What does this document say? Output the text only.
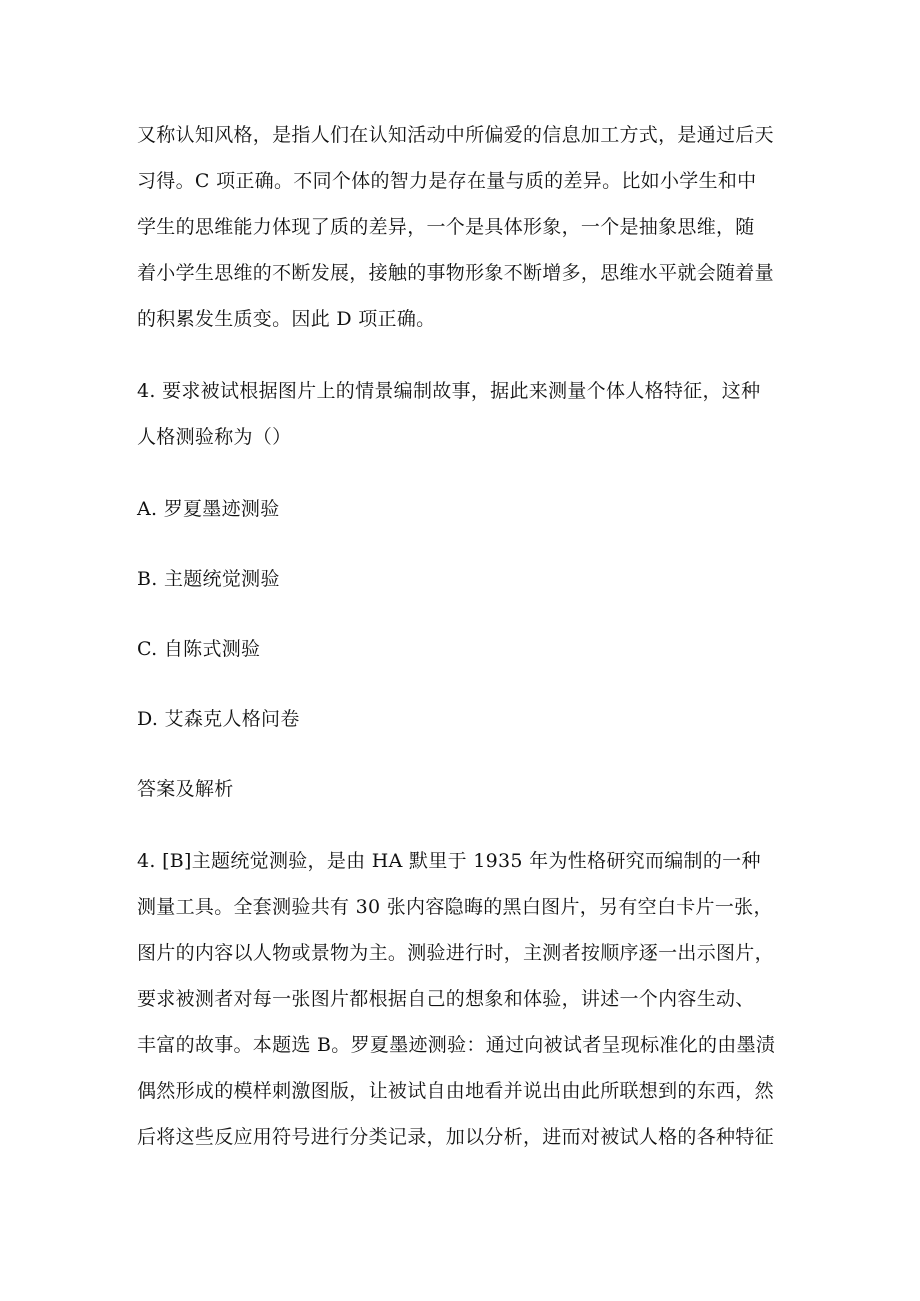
又称认知风格，是指人们在认知活动中所偏爱的信息加工方式，是通过后天
习得。C 项正确。不同个体的智力是存在量与质的差异。比如小学生和中
学生的思维能力体现了质的差异，一个是具体形象，一个是抽象思维，随
着小学生思维的不断发展，接触的事物形象不断增多，思维水平就会随着量
的积累发生质变。因此 D 项正确。
4. 要求被试根据图片上的情景编制故事，据此来测量个体人格特征，这种
人格测验称为（）
A. 罗夏墨迹测验
B. 主题统觉测验
C. 自陈式测验
D. 艾森克人格问卷
答案及解析
4. [B]主题统觉测验，是由 HA 默里于 1935 年为性格研究而编制的一种
测量工具。全套测验共有 30 张内容隐晦的黑白图片，另有空白卡片一张，
图片的内容以人物或景物为主。测验进行时，主测者按顺序逐一出示图片，
要求被测者对每一张图片都根据自己的想象和体验，讲述一个内容生动、
丰富的故事。本题选 B。罗夏墨迹测验：通过向被试者呈现标准化的由墨渍
偶然形成的模样刺激图版，让被试自由地看并说出由此所联想到的东西，然
后将这些反应用符号进行分类记录，加以分析，进而对被试人格的各种特征
